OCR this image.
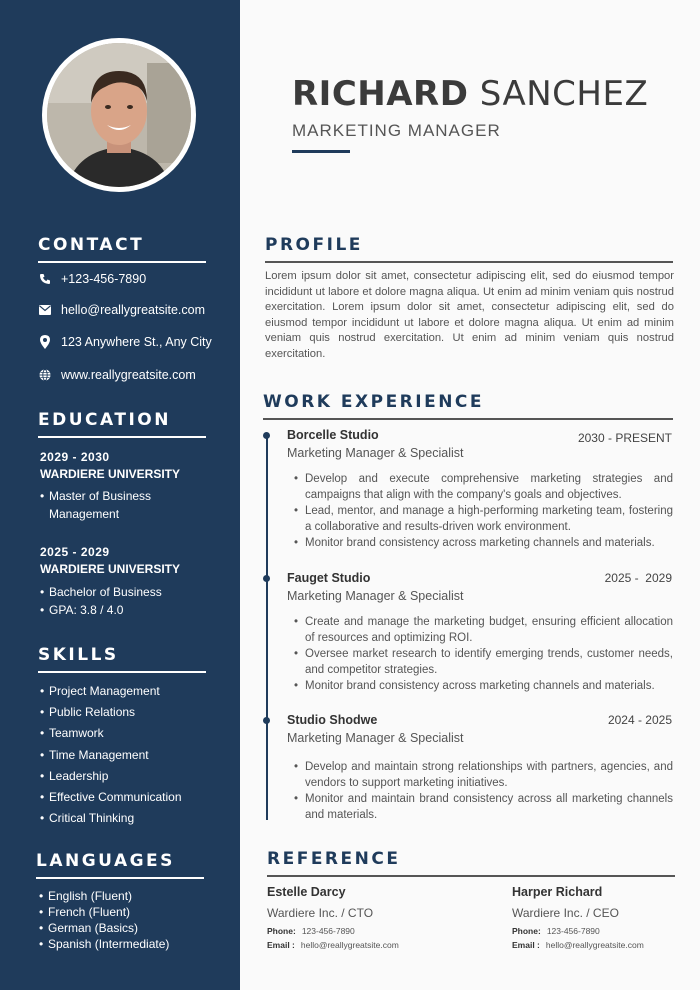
CONTACT
+123-456-7890
hello@reallygreatsite.com
123 Anywhere St., Any City
www.reallygreatsite.com
EDUCATION
2029 - 2030
WARDIERE UNIVERSITY
• Master of Business
Management
2025 - 2029
WARDIERE UNIVERSITY
• Bachelor of Business
• GPA: 3.8 / 4.0
SKILLS
• Project Management
• Public Relations
• Teamwork
• Time Management
• Leadership
• Effective Communication
• Critical Thinking
LANGUAGES
• English (Fluent)
• French (Fluent)
• German (Basics)
• Spanish (Intermediate)
RICHARD SANCHEZ
MARKETING MANAGER
PROFILE
Lorem ipsum dolor sit amet, consectetur adipiscing elit, sed do eiusmod tempor incididunt ut labore et dolore magna aliqua. Ut enim ad minim veniam quis nostrud exercitation. Lorem ipsum dolor sit amet, consectetur adipiscing elit, sed do eiusmod tempor incididunt ut labore et dolore magna aliqua. Ut enim ad minim veniam quis nostrud exercitation. Ut enim ad minim veniam quis nostrud exercitation.
WORK EXPERIENCE
Borcelle Studio	2030 - PRESENT
Marketing Manager & Specialist
• Develop and execute comprehensive marketing strategies and campaigns that align with the company's goals and objectives.
• Lead, mentor, and manage a high-performing marketing team, fostering a collaborative and results-driven work environment.
• Monitor brand consistency across marketing channels and materials.
Fauget Studio	2025 -  2029
Marketing Manager & Specialist
• Create and manage the marketing budget, ensuring efficient allocation of resources and optimizing ROI.
• Oversee market research to identify emerging trends, customer needs, and competitor strategies.
• Monitor brand consistency across marketing channels and materials.
Studio Shodwe	2024 - 2025
Marketing Manager & Specialist
• Develop and maintain strong relationships with partners, agencies, and vendors to support marketing initiatives.
• Monitor and maintain brand consistency across all marketing channels and materials.
REFERENCE
Estelle Darcy
Wardiere Inc. / CTO
Phone: 123-456-7890
Email : hello@reallygreatsite.com
Harper Richard
Wardiere Inc. / CEO
Phone: 123-456-7890
Email : hello@reallygreatsite.com
